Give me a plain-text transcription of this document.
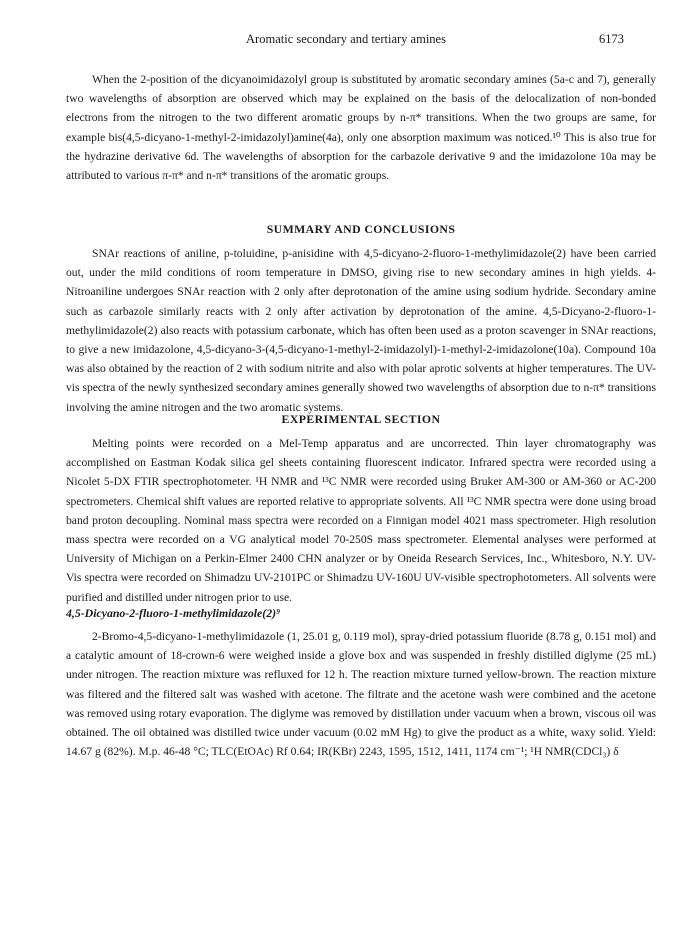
Aromatic secondary and tertiary amines	6173

When the 2-position of the dicyanoimidazolyl group is substituted by aromatic secondary amines (5a-c and 7), generally two wavelengths of absorption are observed which may be explained on the basis of the delocalization of non-bonded electrons from the nitrogen to the two different aromatic groups by n-π* transitions. When the two groups are same, for example bis(4,5-dicyano-1-methyl-2-imidazolyl)amine(4a), only one absorption maximum was noticed.¹⁰ This is also true for the hydrazine derivative 6d. The wavelengths of absorption for the carbazole derivative 9 and the imidazolone 10a may be attributed to various π-π* and n-π* transitions of the aromatic groups.

SUMMARY AND CONCLUSIONS

SNAr reactions of aniline, p-toluidine, p-anisidine with 4,5-dicyano-2-fluoro-1-methylimidazole(2) have been carried out, under the mild conditions of room temperature in DMSO, giving rise to new secondary amines in high yields. 4-Nitroaniline undergoes SNAr reaction with 2 only after deprotonation of the amine using sodium hydride. Secondary amine such as carbazole similarly reacts with 2 only after activation by deprotonation of the amine. 4,5-Dicyano-2-fluoro-1-methylimidazole(2) also reacts with potassium carbonate, which has often been used as a proton scavenger in SNAr reactions, to give a new imidazolone, 4,5-dicyano-3-(4,5-dicyano-1-methyl-2-imidazolyl)-1-methyl-2-imidazolone(10a). Compound 10a was also obtained by the reaction of 2 with sodium nitrite and also with polar aprotic solvents at higher temperatures. The UV-vis spectra of the newly synthesized secondary amines generally showed two wavelengths of absorption due to n-π* transitions involving the amine nitrogen and the two aromatic systems.

EXPERIMENTAL SECTION

Melting points were recorded on a Mel-Temp apparatus and are uncorrected. Thin layer chromatography was accomplished on Eastman Kodak silica gel sheets containing fluorescent indicator. Infrared spectra were recorded using a Nicolet 5-DX FTIR spectrophotometer. ¹H NMR and ¹³C NMR were recorded using Bruker AM-300 or AM-360 or AC-200 spectrometers. Chemical shift values are reported relative to appropriate solvents. All ¹³C NMR spectra were done using broad band proton decoupling. Nominal mass spectra were recorded on a Finnigan model 4021 mass spectrometer. High resolution mass spectra were recorded on a VG analytical model 70-250S mass spectrometer. Elemental analyses were performed at University of Michigan on a Perkin-Elmer 2400 CHN analyzer or by Oneida Research Services, Inc., Whitesboro, N.Y. UV-Vis spectra were recorded on Shimadzu UV-2101PC or Shimadzu UV-160U UV-visible spectrophotometers. All solvents were purified and distilled under nitrogen prior to use.

4,5-Dicyano-2-fluoro-1-methylimidazole(2)⁹

2-Bromo-4,5-dicyano-1-methylimidazole (1, 25.01 g, 0.119 mol), spray-dried potassium fluoride (8.78 g, 0.151 mol) and a catalytic amount of 18-crown-6 were weighed inside a glove box and was suspended in freshly distilled diglyme (25 mL) under nitrogen. The reaction mixture was refluxed for 12 h. The reaction mixture turned yellow-brown. The reaction mixture was filtered and the filtered salt was washed with acetone. The filtrate and the acetone wash were combined and the acetone was removed using rotary evaporation. The diglyme was removed by distillation under vacuum when a brown, viscous oil was obtained. The oil obtained was distilled twice under vacuum (0.02 mM Hg) to give the product as a white, waxy solid. Yield: 14.67 g (82%). M.p. 46-48 °C; TLC(EtOAc) Rf 0.64; IR(KBr) 2243, 1595, 1512, 1411, 1174 cm⁻¹; ¹H NMR(CDCl₃) δ
